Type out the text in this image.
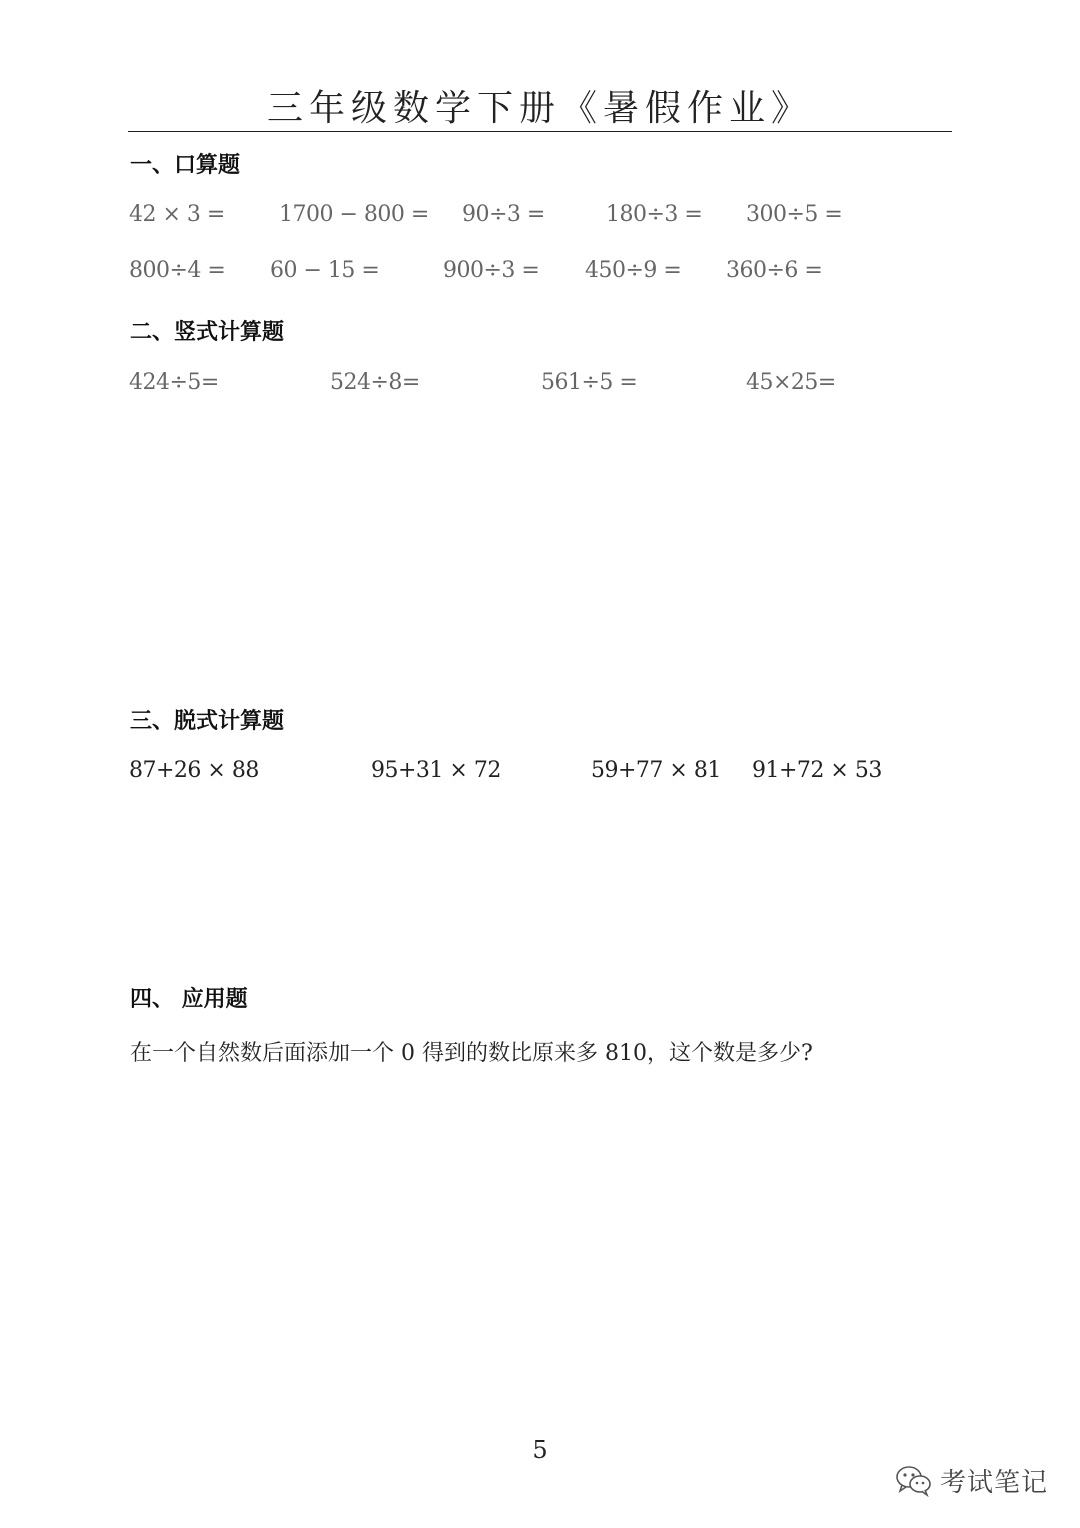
三年级数学下册《暑假作业》
一、口算题
42 × 3 = 1700 − 800 = 90÷3 =	180÷3 = 300÷5 =
800÷4 = 60 − 15 =	900÷3 = 450÷9 = 360÷6 =
二、竖式计算题
424÷5=	524÷8=	561÷5 =	45×25=
三、脱式计算题
87+26 × 88	95+31 × 72	59+77 × 81 91+72 × 53
四、 应用题
在一个自然数后面添加一个 0 得到的数比原来多 810，这个数是多少?
5
考试笔记
